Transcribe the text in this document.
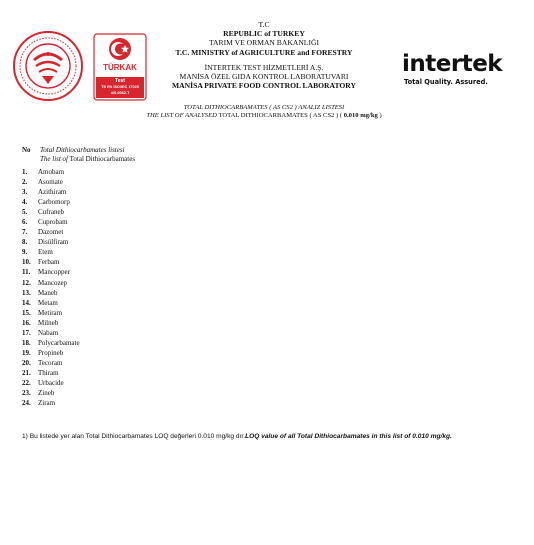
TÜRKAK
Test
TS EN ISO/IEC 17025
AB-0062-T
T.C
REPUBLIC of TURKEY
TARIM VE ORMAN BAKANLIĞI
T.C. MINISTRY of AGRICULTURE and FORESTRY
İNTERTEK TEST HİZMETLERİ A.Ş.
MANİSA ÖZEL GIDA KONTROL LABORATUVARI
MANİSA PRIVATE FOOD CONTROL LABORATORY
intertek
Total Quality. Assured.
TOTAL DITHIOCARBAMATES ( AS CS2 ) ANALIZ LISTESI
THE LIST OF ANALYSED TOTAL DITHIOCARBAMATES ( AS CS2 ) ( 0.010 mg/kg )
No Total Dithiocarbamates listesi
The list of Total Dithiocarbamates
1. Amobam
2. Asomate
3. Azithiram
4. Carbomorp
5. Cufraneb
6. Cuprobam
7. Dazomet
8. Disülfiram
9. Etem
10. Ferbam
11. Mancopper
12. Mancozep
13. Maneb
14. Metam
15. Metiram
16. Milneb
17. Nabam
18. Polycarbamate
19. Propineb
20. Tecoram
21. Thiram
22. Urbacide
23. Zineb
24. Ziram
1) Bu listede yer alan Total Dithiocarbamates LOQ değerleri 0.010 mg/kg dır.LOQ value of all Total Dithiocarbamates in this list of 0.010 mg/kg.
